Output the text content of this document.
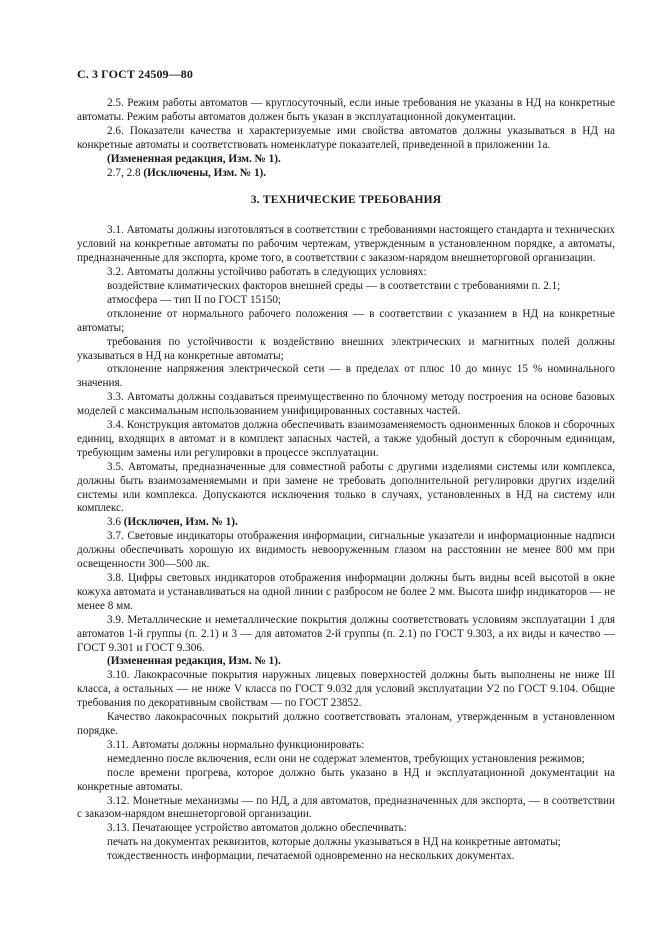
С. 3 ГОСТ 24509—80

2.5. Режим работы автоматов — круглосуточный, если иные требования не указаны в НД на конкретные автоматы. Режим работы автоматов должен быть указан в эксплуатационной документации.

2.6. Показатели качества и характеризуемые ими свойства автоматов должны указываться в НД на конкретные автоматы и соответствовать номенклатуре показателей, приведенной в приложении 1а.

(Измененная редакция, Изм. № 1).

2.7, 2.8 (Исключены, Изм. № 1).

3. ТЕХНИЧЕСКИЕ ТРЕБОВАНИЯ

3.1. Автоматы должны изготовляться в соответствии с требованиями настоящего стандарта и технических условий на конкретные автоматы по рабочим чертежам, утвержденным в установленном порядке, а автоматы, предназначенные для экспорта, кроме того, в соответствии с заказом-нарядом внешнеторговой организации.

3.2. Автоматы должны устойчиво работать в следующих условиях:

воздействие климатических факторов внешней среды — в соответствии с требованиями п. 2.1;

атмосфера — тип II по ГОСТ 15150;

отклонение от нормального рабочего положения — в соответствии с указанием в НД на конкретные автоматы;

требования по устойчивости к воздействию внешних электрических и магнитных полей должны указываться в НД на конкретные автоматы;

отклонение напряжения электрической сети — в пределах от плюс 10 до минус 15 % номинального значения.

3.3. Автоматы должны создаваться преимущественно по блочному методу построения на основе базовых моделей с максимальным использованием унифицированных составных частей.

3.4. Конструкция автоматов должна обеспечивать взаимозаменяемость одноименных блоков и сборочных единиц, входящих в автомат и в комплект запасных частей, а также удобный доступ к сборочным единицам, требующим замены или регулировки в процессе эксплуатации.

3.5. Автоматы, предназначенные для совместной работы с другими изделиями системы или комплекса, должны быть взаимозаменяемыми и при замене не требовать дополнительной регулировки других изделий системы или комплекса. Допускаются исключения только в случаях, установленных в НД на систему или комплекс.

3.6 (Исключен, Изм. № 1).

3.7. Световые индикаторы отображения информации, сигнальные указатели и информационные надписи должны обеспечивать хорошую их видимость невооруженным глазом на расстоянии не менее 800 мм при освещенности 300—500 лк.

3.8. Цифры световых индикаторов отображения информации должны быть видны всей высотой в окне кожуха автомата и устанавливаться на одной линии с разбросом не более 2 мм. Высота шифр индикаторов — не менее 8 мм.

3.9. Металлические и неметаллические покрытия должны соответствовать условиям эксплуатации 1 для автоматов 1-й группы (п. 2.1) и 3 — для автоматов 2-й группы (п. 2.1) по ГОСТ 9.303, а их виды и качество — ГОСТ 9.301 и ГОСТ 9.306.

(Измененная редакция, Изм. № 1).

3.10. Лакокрасочные покрытия наружных лицевых поверхностей должны быть выполнены не ниже III класса, а остальных — не ниже V класса по ГОСТ 9.032 для условий эксплуатации У2 по ГОСТ 9.104. Общие требования по декоративным свойствам — по ГОСТ 23852.

Качество лакокрасочных покрытий должно соответствовать эталонам, утвержденным в установленном порядке.

3.11. Автоматы должны нормально функционировать:

немедленно после включения, если они не содержат элементов, требующих установления режимов;

после времени прогрева, которое должно быть указано в НД и эксплуатационной документации на конкретные автоматы.

3.12. Монетные механизмы — по НД, а для автоматов, предназначенных для экспорта, — в соответствии с заказом-нарядом внешнеторговой организации.

3.13. Печатающее устройство автоматов должно обеспечивать:

печать на документах реквизитов, которые должны указываться в НД на конкретные автоматы;

тождественность информации, печатаемой одновременно на нескольких документах.
